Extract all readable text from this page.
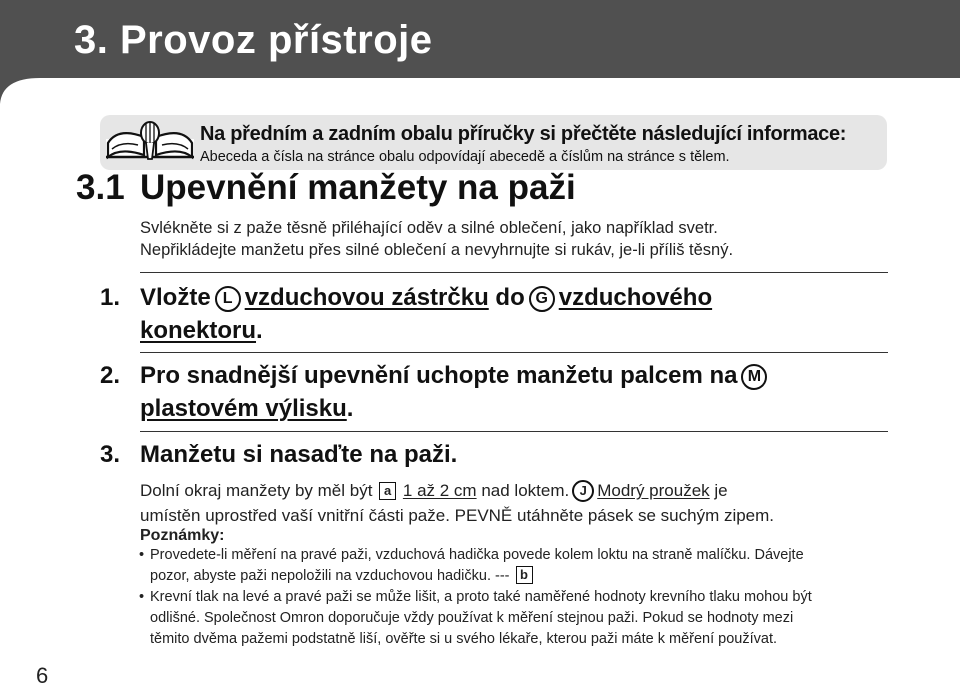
3. Provoz přístroje
Na předním a zadním obalu příručky si přečtěte následující informace:
Abeceda a čísla na stránce obalu odpovídají abecedě a číslům na stránce s tělem.
3.1 Upevnění manžety na paži
Svlékněte si z paže těsně přiléhající oděv a silné oblečení, jako například svetr.
Nepřikládejte manžetu přes silné oblečení a nevyhrnujte si rukáv, je-li příliš těsný.
1. Vložte L vzduchovou zástrčku do G vzduchového
konektoru.
2. Pro snadnější upevnění uchopte manžetu palcem na M
plastovém výlisku.
3. Manžetu si nasaďte na paži.
Dolní okraj manžety by měl být a 1 až 2 cm nad loktem. J Modrý proužek je
umístěn uprostřed vaší vnitřní části paže. PEVNĚ utáhněte pásek se suchým zipem.
Poznámky:
• Provedete-li měření na pravé paži, vzduchová hadička povede kolem loktu na straně malíčku. Dávejte
pozor, abyste paži nepoložili na vzduchovou hadičku. --- b
• Krevní tlak na levé a pravé paži se může lišit, a proto také naměřené hodnoty krevního tlaku mohou být
odlišné. Společnost Omron doporučuje vždy používat k měření stejnou paži. Pokud se hodnoty mezi
těmito dvěma pažemi podstatně liší, ověřte si u svého lékaře, kterou paži máte k měření používat.
6
